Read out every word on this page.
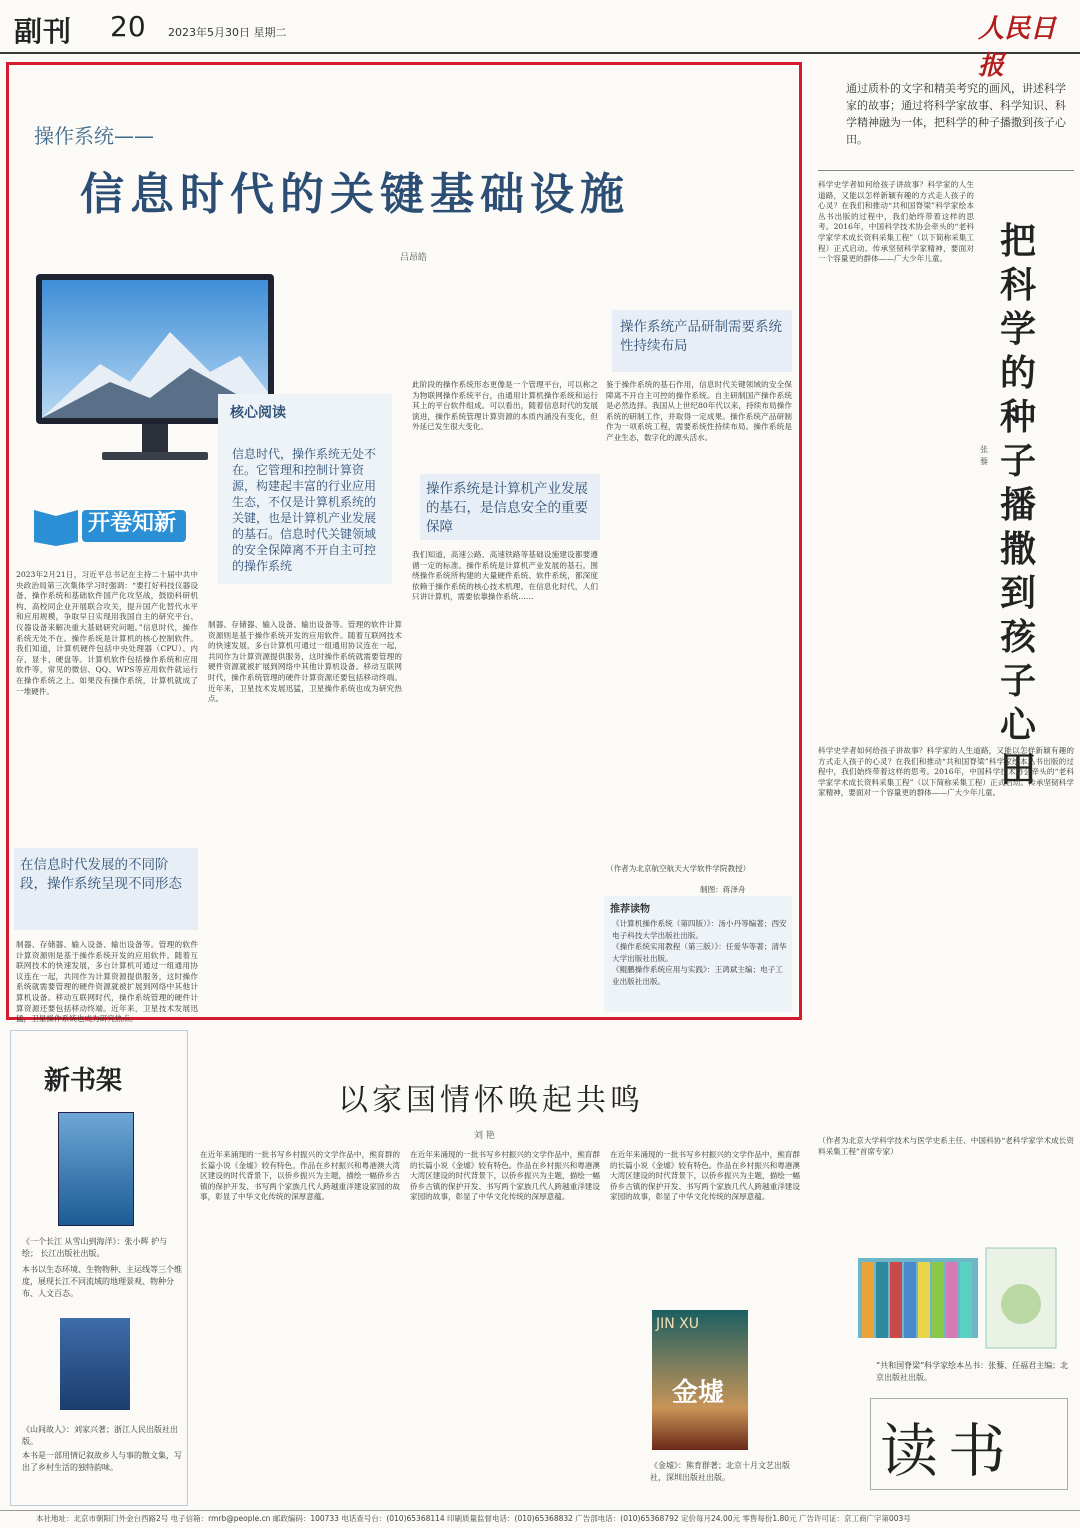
副刊 20 2023年5月30日 星期二	人民日报
操作系统——
信息时代的关键基础设施
吕昂皓
核心阅读
信息时代，操作系统无处不在。它管理和控制计算资源，构建起丰富的行业应用生态，不仅是计算机系统的关键，也是计算机产业发展的基石。信息时代关键领域的安全保障离不开自主可控的操作系统
开卷知新
操作系统产品研制需要系统性持续布局
操作系统是计算机产业发展的基石，是信息安全的重要保障
在信息时代发展的不同阶段，操作系统呈现不同形态
2023年2月21日，习近平总书记在主持二十届中共中央政治局第三次集体学习时强调：“要打好科技仪器设备、操作系统和基础软件国产化攻坚战，鼓励科研机构、高校同企业开展联合攻关，提升国产化替代水平和应用规模，争取早日实现用我国自主的研究平台、仪器设备来解决重大基础研究问题。”信息时代，操作系统无处不在。操作系统是计算机的核心控制软件。我们知道，计算机硬件包括中央处理器（CPU）、内存、显卡、硬盘等。计算机软件包括操作系统和应用软件等，常见的微信、QQ、WPS等应用软件就运行在操作系统之上。如果没有操作系统，计算机就成了一堆硬件。
制器、存储器、输入设备、输出设备等。管理的软件计算资源则是基于操作系统开发的应用软件。随着互联网技术的快速发展，多台计算机可通过一组通用协议连在一起，共同作为计算资源提供服务，这时操作系统就需要管理的硬件资源就被扩展到网络中其他计算机设备。移动互联网时代，操作系统管理的硬件计算资源还要包括移动终端。近年来，卫星技术发展迅猛，卫星操作系统也成为研究热点。
制器、存储器、输入设备、输出设备等。管理的软件计算资源则是基于操作系统开发的应用软件。随着互联网技术的快速发展，多台计算机可通过一组通用协议连在一起，共同作为计算资源提供服务，这时操作系统就需要管理的硬件资源就被扩展到网络中其他计算机设备。移动互联网时代，操作系统管理的硬件计算资源还要包括移动终端。近年来，卫星技术发展迅猛，卫星操作系统也成为研究热点。
此阶段的操作系统形态更像是一个管理平台，可以称之为物联网操作系统平台，由通用计算机操作系统和运行其上的平台软件组成。可以看出，随着信息时代的发展演进，操作系统管理计算资源的本质内涵没有变化，但外延已发生很大变化。
我们知道，高速公路、高速铁路等基础设施建设都要遵循一定的标准。操作系统是计算机产业发展的基石。围绕操作系统所构建的大量硬件系统、软件系统，都深度依赖于操作系统的核心技术机理。在信息化时代，人们只讲计算机，需要依靠操作系统……
鉴于操作系统的基石作用，信息时代关键领域的安全保障离不开自主可控的操作系统。自主研制国产操作系统是必然选择。我国从上世纪80年代以来，持续布局操作系统的研制工作，并取得一定成果。操作系统产品研制作为一项系统工程，需要系统性持续布局。操作系统是产业生态，数字化的源头活水。
（作者为北京航空航天大学软件学院教授）
制图：蒋泽舟
推荐读物
《计算机操作系统（第四版）》：汤小丹等编著；西安电子科技大学出版社出版。
《操作系统实用教程（第三版）》：任爱华等著；清华大学出版社出版。
《鲲鹏操作系统应用与实践》：王鸿斌主编；电子工业出版社出版。
通过质朴的文字和精美考究的画风，讲述科学家的故事；通过将科学家故事、科学知识、科学精神融为一体，把科学的种子播撒到孩子心田。
把科学的种子播撒到孩子心田
张 藜
科学史学者如何给孩子讲故事？科学家的人生道路，又能以怎样新颖有趣的方式走人孩子的心灵？在我们和推动“共和国脊梁”科学家绘本丛书出版的过程中，我们始终带着这样的思考。2016年，中国科学技术协会牵头的“老科学家学术成长资料采集工程”（以下简称采集工程）正式启动。传承坚韧科学家精神，要面对一个容量更的群体——广大少年儿童。
科学史学者如何给孩子讲故事？科学家的人生道路，又能以怎样新颖有趣的方式走人孩子的心灵？在我们和推动“共和国脊梁”科学家绘本丛书出版的过程中，我们始终带着这样的思考。2016年，中国科学技术协会牵头的“老科学家学术成长资料采集工程”（以下简称采集工程）正式启动。传承坚韧科学家精神，要面对一个容量更的群体——广大少年儿童。
（作者为北京大学科学技术与医学史系主任、中国科协“老科学家学术成长资料采集工程”首席专家）
“共和国脊梁”科学家绘本丛书：张藜、任福君主编；北京出版社出版。
读书
以家国情怀唤起共鸣
刘 艳
在近年来涌现的一批书写乡村振兴的文学作品中，熊育群的长篇小说《金墟》较有特色。作品在乡村振兴和粤港澳大湾区建设的时代背景下，以侨乡振兴为主题，描绘一幅侨乡古镇的保护开发、书写两个家族几代人跨越重洋建设家园的故事，彰显了中华文化传统的深厚意蕴。
在近年来涌现的一批书写乡村振兴的文学作品中，熊育群的长篇小说《金墟》较有特色。作品在乡村振兴和粤港澳大湾区建设的时代背景下，以侨乡振兴为主题，描绘一幅侨乡古镇的保护开发、书写两个家族几代人跨越重洋建设家园的故事，彰显了中华文化传统的深厚意蕴。
在近年来涌现的一批书写乡村振兴的文学作品中，熊育群的长篇小说《金墟》较有特色。作品在乡村振兴和粤港澳大湾区建设的时代背景下，以侨乡振兴为主题，描绘一幅侨乡古镇的保护开发、书写两个家族几代人跨越重洋建设家园的故事，彰显了中华文化传统的深厚意蕴。
新书架
《一个长江 从雪山到海洋》：张小辉 护与绘； 长江出版社出版。
本书以生态环境、生物物种、主运线等三个维度，展现长江不同流域的地理景观、物种分布、人文百态。
《山间故人》：刘家兴著；浙江人民出版社出版。
本书是一部用情记叙故乡人与事的散文集，写出了乡村生活的独特韵味。
JIN XU
金墟
《金墟》：熊育群著；北京十月文艺出版社，深圳出版社出版。
本社地址：北京市朝阳门外金台西路2号 电子信箱：rmrb@people.cn 邮政编码：100733 电话查号台：(010)65368114 印刷质量监督电话：(010)65368832 广告部电话：(010)65368792 定价每月24.00元 零售每份1.80元 广告许可证：京工商广字第003号
